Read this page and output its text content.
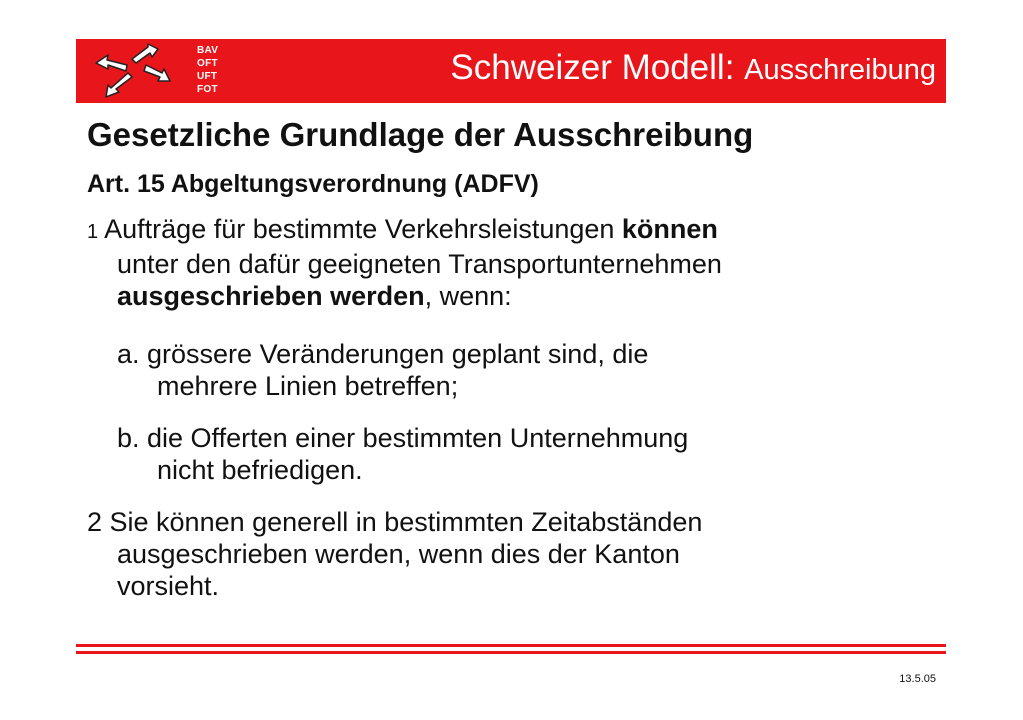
BAV
OFT
UFT
FOT
Schweizer Modell: Ausschreibung
Gesetzliche Grundlage der Ausschreibung
Art. 15 Abgeltungsverordnung (ADFV)

1 Aufträge für bestimmte Verkehrsleistungen können
unter den dafür geeigneten Transportunternehmen
ausgeschrieben werden, wenn:

a. grössere Veränderungen geplant sind, die
mehrere Linien betreffen;

b. die Offerten einer bestimmten Unternehmung
nicht befriedigen.

2 Sie können generell in bestimmten Zeitabständen
ausgeschrieben werden, wenn dies der Kanton
vorsieht.

13.5.05
